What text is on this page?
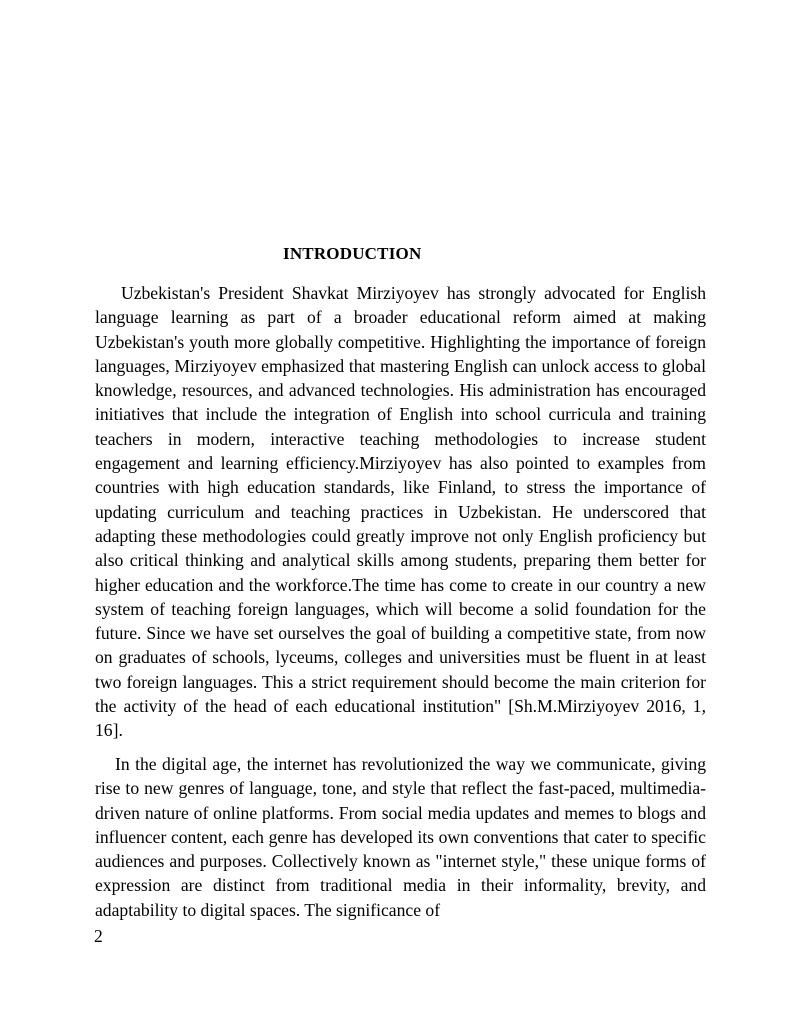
INTRODUCTION

Uzbekistan's President Shavkat Mirziyoyev has strongly advocated for English language learning as part of a broader educational reform aimed at making Uzbekistan's youth more globally competitive. Highlighting the importance of foreign languages, Mirziyoyev emphasized that mastering English can unlock access to global knowledge, resources, and advanced technologies. His administration has encouraged initiatives that include the integration of English into school curricula and training teachers in modern, interactive teaching methodologies to increase student engagement and learning efficiency.Mirziyoyev has also pointed to examples from countries with high education standards, like Finland, to stress the importance of updating curriculum and teaching practices in Uzbekistan. He underscored that adapting these methodologies could greatly improve not only English proficiency but also critical thinking and analytical skills among students, preparing them better for higher education and the workforce.The time has come to create in our country a new system of teaching foreign languages, which will become a solid foundation for the future. Since we have set ourselves the goal of building a competitive state, from now on graduates of schools, lyceums, colleges and universities must be fluent in at least two foreign languages. This a strict requirement should become the main criterion for the activity of the head of each educational institution" [Sh.M.Mirziyoyev 2016, 1, 16].

In the digital age, the internet has revolutionized the way we communicate, giving rise to new genres of language, tone, and style that reflect the fast-paced, multimedia-driven nature of online platforms. From social media updates and memes to blogs and influencer content, each genre has developed its own conventions that cater to specific audiences and purposes. Collectively known as "internet style," these unique forms of expression are distinct from traditional media in their informality, brevity, and adaptability to digital spaces. The significance of

2
